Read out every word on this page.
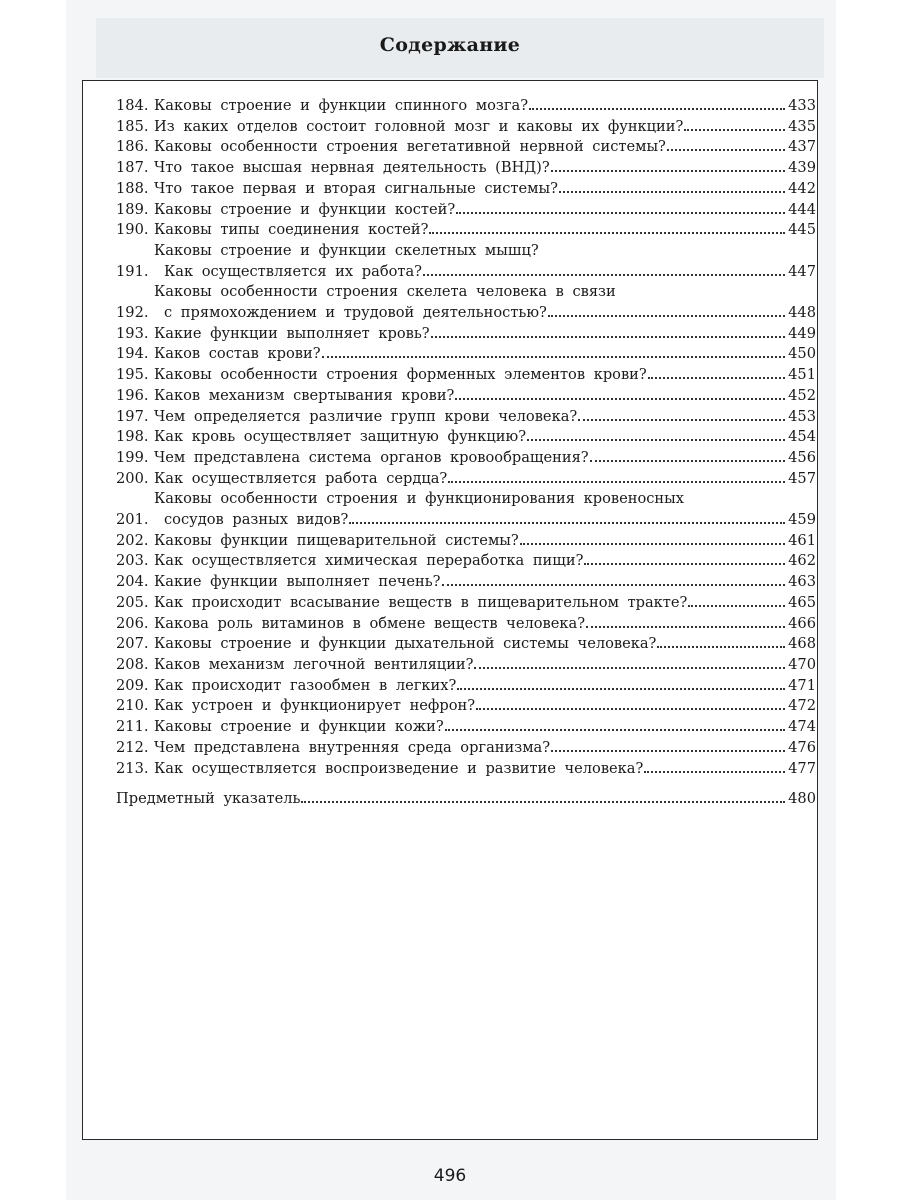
Содержание
184. Каковы строение и функции спинного мозга?	433
185. Из каких отделов состоит головной мозг и каковы их функции?	435
186. Каковы особенности строения вегетативной нервной системы?	437
187. Что такое высшая нервная деятельность (ВНД)?	439
188. Что такое первая и вторая сигнальные системы?	442
189. Каковы строение и функции костей?	444
190. Каковы типы соединения костей?	445
191.
Каковы строение и функции скелетных мышц?
Как осуществляется их работа?	447
192.
Каковы особенности строения скелета человека в связи
с прямохождением и трудовой деятельностью?	448
193. Какие функции выполняет кровь?	449
194. Каков состав крови?	450
195. Каковы особенности строения форменных элементов крови?	451
196. Каков механизм свертывания крови?	452
197. Чем определяется различие групп крови человека?	453
198. Как кровь осуществляет защитную функцию?	454
199. Чем представлена система органов кровообращения?	456
200. Как осуществляется работа сердца?	457
201.
Каковы особенности строения и функционирования кровеносных
сосудов разных видов?	459
202. Каковы функции пищеварительной системы?	461
203. Как осуществляется химическая переработка пищи?	462
204. Какие функции выполняет печень?	463
205. Как происходит всасывание веществ в пищеварительном тракте?	465
206. Какова роль витаминов в обмене веществ человека?	466
207. Каковы строение и функции дыхательной системы человека?	468
208. Каков механизм легочной вентиляции?	470
209. Как происходит газообмен в легких?	471
210. Как устроен и функционирует нефрон?	472
211. Каковы строение и функции кожи?	474
212. Чем представлена внутренняя среда организма?	476
213. Как осуществляется воспроизведение и развитие человека?	477
Предметный указатель	480
496
